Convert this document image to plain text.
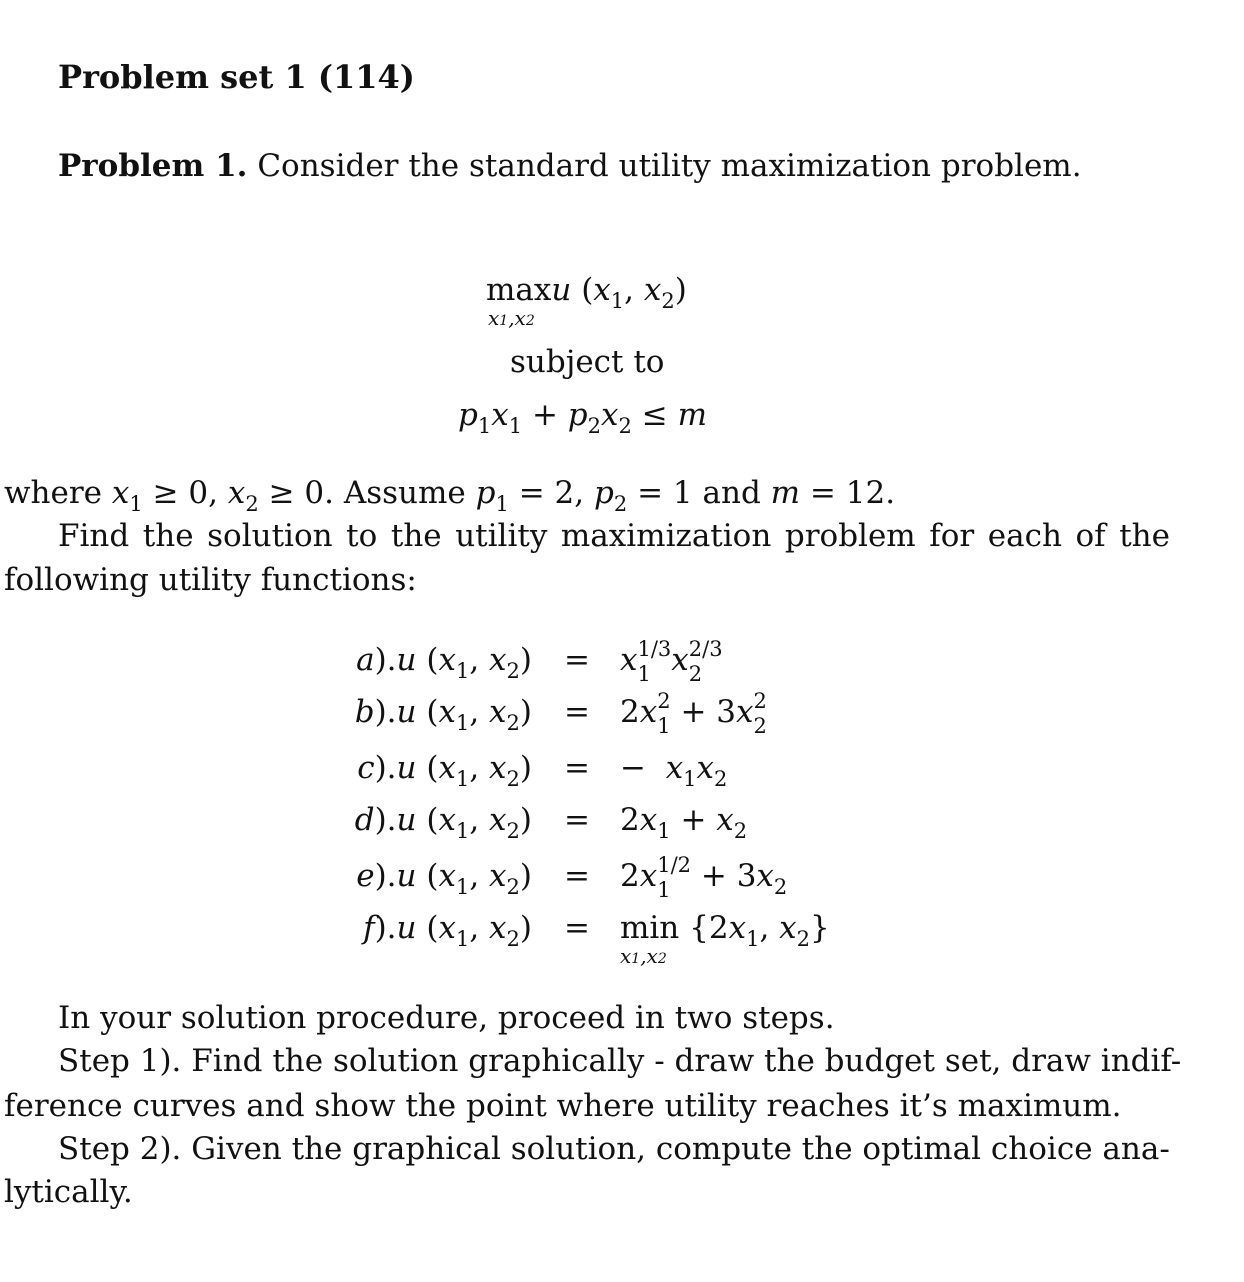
Problem set 1 (114)
Problem 1. Consider the standard utility maximization problem.
maxu ($x_1$, $x_2$)
x1,x2
subject to
$p_1x_1 + p_2x_2 \le m$
where $x_1 \ge 0$, $x_2 \ge 0$. Assume $p_1 = 2$, $p_2 = 1$ and m = 12.
Find the solution to the utility maximization problem for each of the
following utility functions:
a).u ($x_1$, $x_2) = x^{1/3}$
1 $x^{2/3}$
2
b).u ($x_1$, $x_2) = 2x^2$
$1 + 3x^2$
2
c).u ($x_1$, $x_2$) = −  $x_1x_2$
d).u ($x_1$, $x_2) = 2x_1 + x_2$
e).u ($x_1$, $x_2) = 2x^{1/2}$
$1 + 3x_2$
f).u ($x_1$, $x_2) = \min \{2x_1$, $x_2$}
x1,x2
In your solution procedure, proceed in two steps.
Step 1). Find the solution graphically - draw the budget set, draw indif-
ference curves and show the point where utility reaches it’s maximum.
Step 2). Given the graphical solution, compute the optimal choice ana-
lytically.
